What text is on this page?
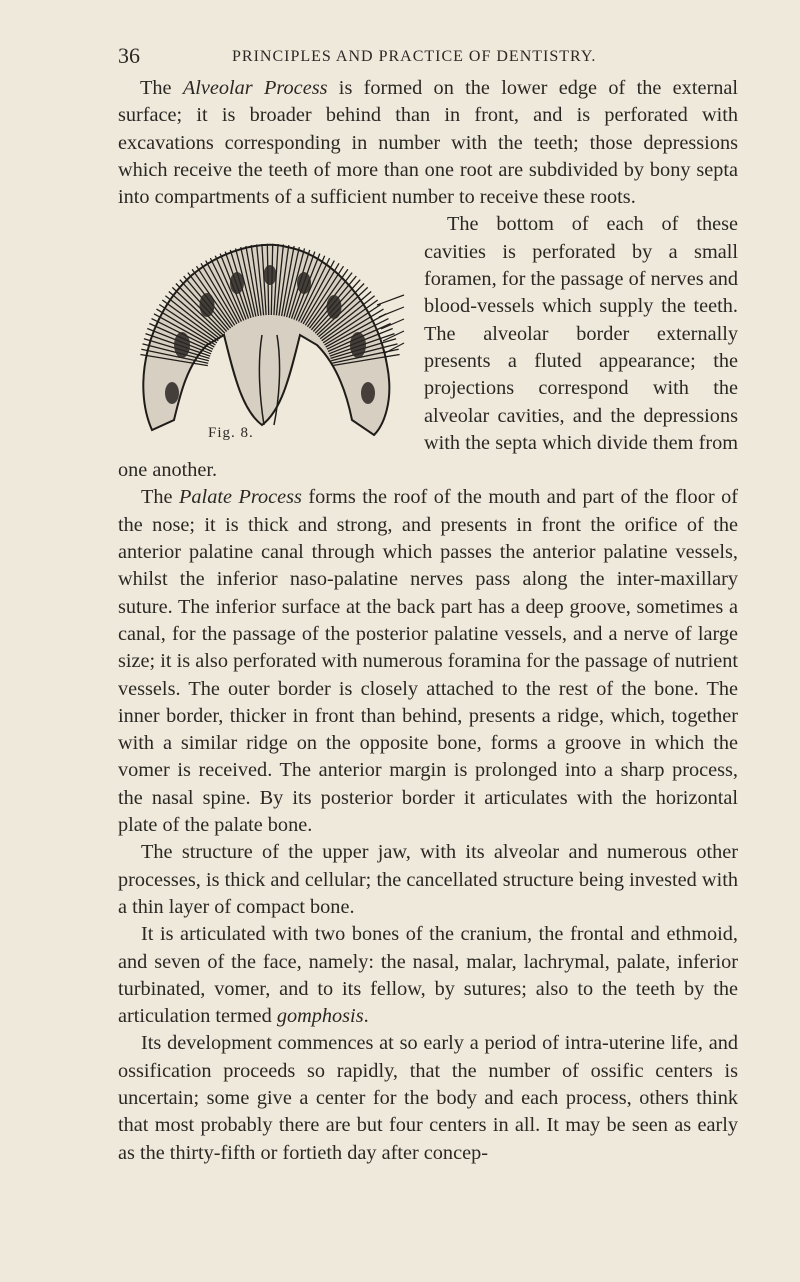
36	PRINCIPLES AND PRACTICE OF DENTISTRY.

The Alveolar Process is formed on the lower edge of the external surface; it is broader behind than in front, and is perforated with excavations corresponding in number with the teeth; those depressions which receive the teeth of more than one root are subdivided by bony septa into compartments of a sufficient number to receive these roots.

Fig. 8.

The bottom of each of these cavities is perforated by a small foramen, for the passage of nerves and blood-vessels which supply the teeth. The alveolar border externally presents a fluted appearance; the projections correspond with the alveolar cavities, and the depressions with the septa which divide them from one another.

The Palate Process forms the roof of the mouth and part of the floor of the nose; it is thick and strong, and presents in front the orifice of the anterior palatine canal through which passes the anterior palatine vessels, whilst the inferior naso-palatine nerves pass along the inter-maxillary suture. The inferior surface at the back part has a deep groove, sometimes a canal, for the passage of the posterior palatine vessels, and a nerve of large size; it is also perforated with numerous foramina for the passage of nutrient vessels. The outer border is closely attached to the rest of the bone. The inner border, thicker in front than behind, presents a ridge, which, together with a similar ridge on the opposite bone, forms a groove in which the vomer is received. The anterior margin is prolonged into a sharp process, the nasal spine. By its posterior border it articulates with the horizontal plate of the palate bone.

The structure of the upper jaw, with its alveolar and numerous other processes, is thick and cellular; the cancellated structure being invested with a thin layer of compact bone.

It is articulated with two bones of the cranium, the frontal and ethmoid, and seven of the face, namely: the nasal, malar, lachrymal, palate, inferior turbinated, vomer, and to its fellow, by sutures; also to the teeth by the articulation termed gomphosis.

Its development commences at so early a period of intra-uterine life, and ossification proceeds so rapidly, that the number of ossific centers is uncertain; some give a center for the body and each process, others think that most probably there are but four centers in all. It may be seen as early as the thirty-fifth or fortieth day after concep-
